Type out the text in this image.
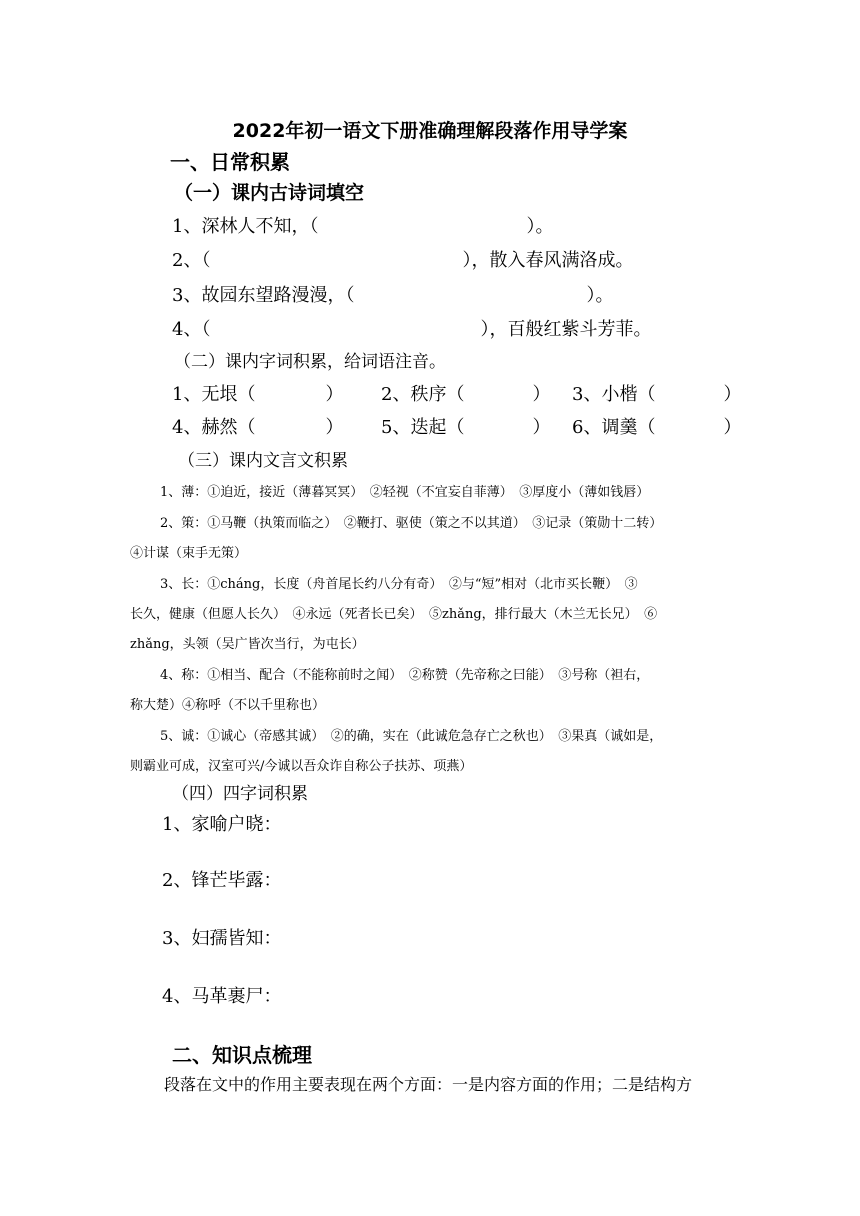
2022年初一语文下册准确理解段落作用导学案
一、日常积累
（一）课内古诗词填空
1、深林人不知，（	）。
2、（	），散入春风满洛成。
3、故园东望路漫漫，（	）。
4、（	），百般红紫斗芳菲。
（二）课内字词积累，给词语注音。
1、无垠（	） 2、秩序（	） 3、小楷（	）
4、赫然（	） 5、迭起（	） 6、调羹（	）
（三）课内文言文积累
1、薄：①迫近，接近（薄暮冥冥）　②轻视（不宜妄自菲薄）　③厚度小（薄如钱唇）
2、策：①马鞭（执策而临之）　②鞭打、驱使（策之不以其道）　③记录（策勋十二转）
④计谋（束手无策）
3、长：①cháng，长度（舟首尾长约八分有奇）　②与“短”相对（北市买长鞭）　③
长久，健康（但愿人长久）　④永远（死者长已矣）　⑤zhǎng，排行最大（木兰无长兄）　⑥
zhǎng，头领（吴广皆次当行，为屯长）
4、称：①相当、配合（不能称前时之闻）　②称赞（先帝称之曰能）　③号称（袒右，
称大楚）④称呼（不以千里称也）
5、诚：①诚心（帝感其诚）　②的确，实在（此诚危急存亡之秋也）　③果真（诚如是，
则霸业可成，汉室可兴/今诚以吾众诈自称公子扶苏、项燕）
（四）四字词积累
1、家喻户晓：
2、锋芒毕露：
3、妇孺皆知：
4、马革裹尸：
二、知识点梳理
段落在文中的作用主要表现在两个方面：一是内容方面的作用；二是结构方
